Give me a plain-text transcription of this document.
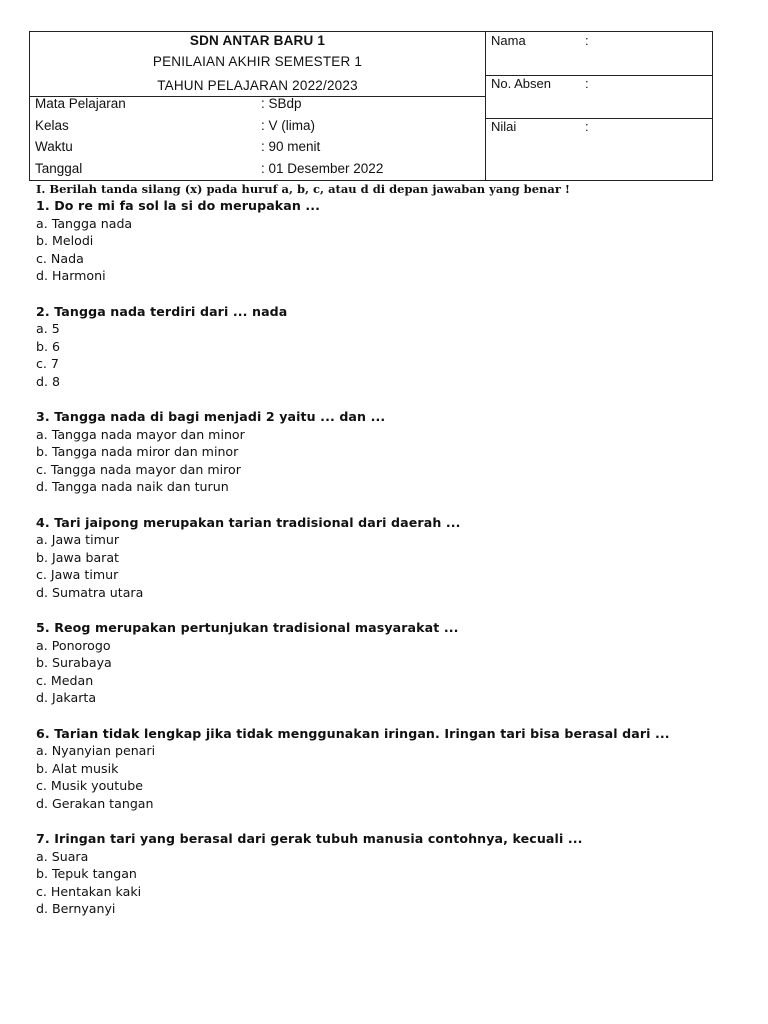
SDN ANTAR BARU 1
PENILAIAN AKHIR SEMESTER 1
TAHUN PELAJARAN 2022/2023
Mata Pelajaran	: SBdp
Kelas	: V (lima)
Waktu	: 90 menit
Tanggal	: 01 Desember 2022
Nama	:
No. Absen	:
Nilai	:
I. Berilah tanda silang (x) pada huruf a, b, c, atau d di depan jawaban yang benar !
1. Do re mi fa sol la si do merupakan ...
a. Tangga nada
b. Melodi
c. Nada
d. Harmoni
2. Tangga nada terdiri dari ... nada
a. 5
b. 6
c. 7
d. 8
3. Tangga nada di bagi menjadi 2 yaitu ... dan ...
a. Tangga nada mayor dan minor
b. Tangga nada miror dan minor
c. Tangga nada mayor dan miror
d. Tangga nada naik dan turun
4. Tari jaipong merupakan tarian tradisional dari daerah ...
a. Jawa timur
b. Jawa barat
c. Jawa timur
d. Sumatra utara
5. Reog merupakan pertunjukan tradisional masyarakat ...
a. Ponorogo
b. Surabaya
c. Medan
d. Jakarta
6. Tarian tidak lengkap jika tidak menggunakan iringan. Iringan tari bisa berasal dari ...
a. Nyanyian penari
b. Alat musik
c. Musik youtube
d. Gerakan tangan
7. Iringan tari yang berasal dari gerak tubuh manusia contohnya, kecuali ...
a. Suara
b. Tepuk tangan
c. Hentakan kaki
d. Bernyanyi
